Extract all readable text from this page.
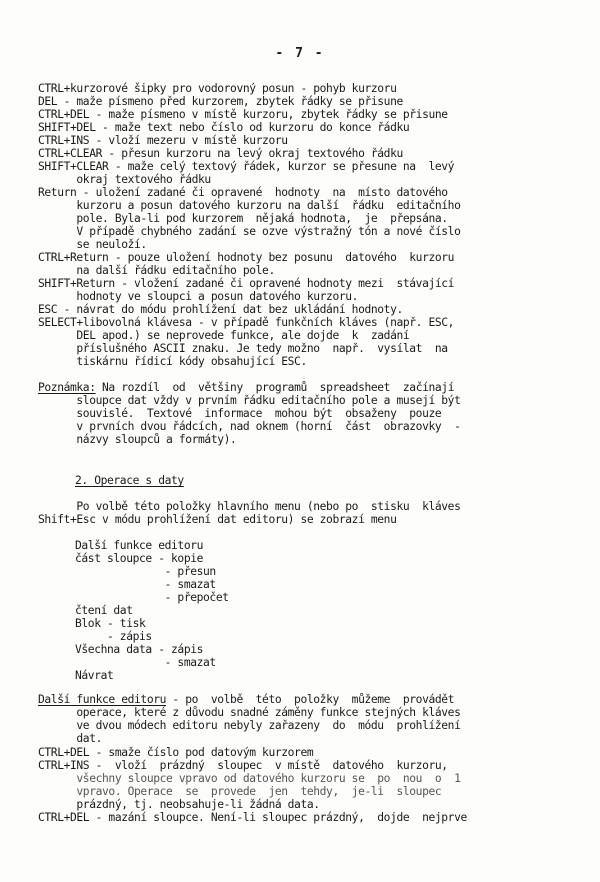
- 7 -
CTRL+kurzorové šipky pro vodorovný posun - pohyb kurzoru
DEL - maže písmeno před kurzorem, zbytek řádky se přisune
CTRL+DEL - maže písmeno v místě kurzoru, zbytek řádky se přisune
SHIFT+DEL - maže text nebo číslo od kurzoru do konce řádku
CTRL+INS - vloží mezeru v místě kurzoru
CTRL+CLEAR - přesun kurzoru na levý okraj textového řádku
SHIFT+CLEAR - maže celý textový řádek, kurzor se přesune na  levý
okraj textového řádku
Return - uložení zadané či opravené  hodnoty  na  místo datového
kurzoru a posun datového kurzoru na další  řádku  editačního
pole. Byla-li pod kurzorem  nějaká hodnota,  je  přepsána.
V případě chybného zadání se ozve výstražný tón a nové číslo
se neuloží.
CTRL+Return - pouze uložení hodnoty bez posunu  datového  kurzoru
na další řádku editačního pole.
SHIFT+Return - vložení zadané či opravené hodnoty mezi  stávající
hodnoty ve sloupci a posun datového kurzoru.
ESC - návrat do módu prohlížení dat bez ukládání hodnoty.
SELECT+libovolná klávesa - v případě funkčních kláves (např. ESC,
DEL apod.) se neprovede funkce, ale dojde  k  zadání
příslušného ASCII znaku. Je tedy možno  např.  vysílat  na
tiskárnu řídicí kódy obsahující ESC.
Poznámka: Na rozdíl  od  většiny  programů  spreadsheet  začínají
sloupce dat vždy v prvním řádku editačního pole a musejí být
souvislé.  Textové  informace  mohou být  obsaženy  pouze
v prvních dvou řádcích, nad oknem (horní  část  obrazovky  -
názvy sloupců a formáty).
2. Operace s daty
Po volbě této položky hlavního menu (nebo po  stisku  kláves
Shift+Esc v módu prohlížení dat editoru) se zobrazí menu
Další funkce editoru
část sloupce - kopie
- přesun
- smazat
- přepočet
čtení dat
Blok - tisk
- zápis
Všechna data - zápis
- smazat
Návrat
Další funkce editoru - po  volbě  této  položky  můžeme  provádět
operace, které z důvodu snadné záměny funkce stejných kláves
ve dvou módech editoru nebyly zařazeny  do  módu  prohlížení
dat.
CTRL+DEL - smaže číslo pod datovým kurzorem
CTRL+INS -  vloží  prázdný  sloupec  v místě  datového  kurzoru,
všechny sloupce vpravo od datového kurzoru se  po  nou  o  1
vpravo. Operace  se  provede  jen  tehdy,  je-li  sloupec
prázdný, tj. neobsahuje-li žádná data.
CTRL+DEL - mazání sloupce. Není-li sloupec prázdný,  dojde  nejprve
